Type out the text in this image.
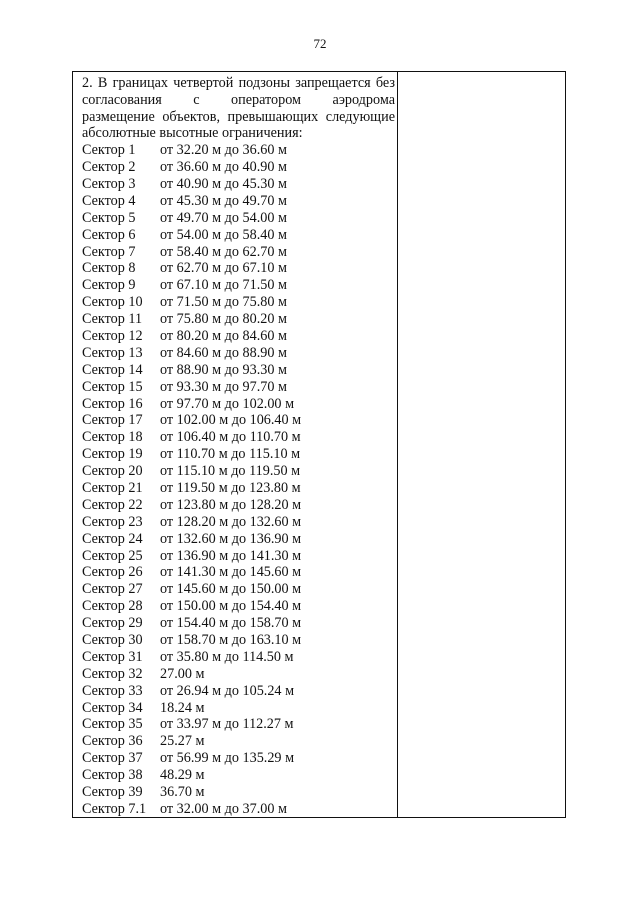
72
2. В границах четвертой подзоны запрещается без
согласования с оператором аэродрома
размещение объектов, превышающих следующие
абсолютные высотные ограничения:
Сектор 1	от 32.20 м до 36.60 м
Сектор 2	от 36.60 м до 40.90 м
Сектор 3	от 40.90 м до 45.30 м
Сектор 4	от 45.30 м до 49.70 м
Сектор 5	от 49.70 м до 54.00 м
Сектор 6	от 54.00 м до 58.40 м
Сектор 7	от 58.40 м до 62.70 м
Сектор 8	от 62.70 м до 67.10 м
Сектор 9	от 67.10 м до 71.50 м
Сектор 10	от 71.50 м до 75.80 м
Сектор 11	от 75.80 м до 80.20 м
Сектор 12	от 80.20 м до 84.60 м
Сектор 13	от 84.60 м до 88.90 м
Сектор 14	от 88.90 м до 93.30 м
Сектор 15	от 93.30 м до 97.70 м
Сектор 16	от 97.70 м до 102.00 м
Сектор 17	от 102.00 м до 106.40 м
Сектор 18	от 106.40 м до 110.70 м
Сектор 19	от 110.70 м до 115.10 м
Сектор 20	от 115.10 м до 119.50 м
Сектор 21	от 119.50 м до 123.80 м
Сектор 22	от 123.80 м до 128.20 м
Сектор 23	от 128.20 м до 132.60 м
Сектор 24	от 132.60 м до 136.90 м
Сектор 25	от 136.90 м до 141.30 м
Сектор 26	от 141.30 м до 145.60 м
Сектор 27	от 145.60 м до 150.00 м
Сектор 28	от 150.00 м до 154.40 м
Сектор 29	от 154.40 м до 158.70 м
Сектор 30	от 158.70 м до 163.10 м
Сектор 31	от 35.80 м до 114.50 м
Сектор 32	27.00 м
Сектор 33	от 26.94 м до 105.24 м
Сектор 34	18.24 м
Сектор 35	от 33.97 м до 112.27 м
Сектор 36	25.27 м
Сектор 37	от 56.99 м до 135.29 м
Сектор 38	48.29 м
Сектор 39	36.70 м
Сектор 7.1 от 32.00 м до 37.00 м
